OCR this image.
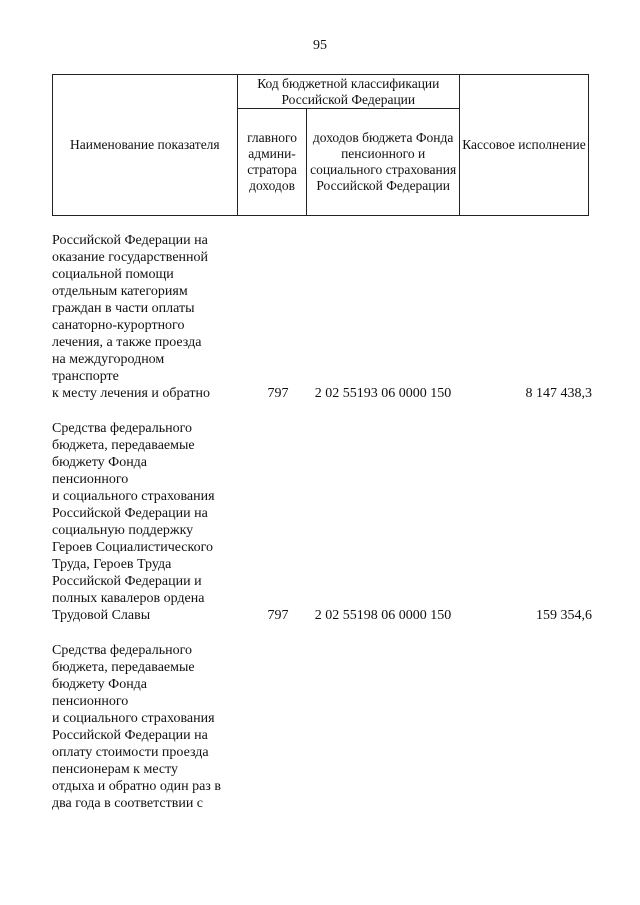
95
Наименование показателя	Код бюджетной классификации Российской Федерации		Кассовое исполнение
	главного админи-стратора доходов	доходов бюджета Фонда пенсионного и социального страхования Российской Федерации	
Российской Федерации на
оказание государственной
социальной помощи
отдельным категориям
граждан в части оплаты
санаторно-курортного
лечения, а также проезда
на междугородном
транспорте
к месту лечения и обратно	797	2 02 55193 06 0000 150	8 147 438,3
Средства федерального
бюджета, передаваемые
бюджету Фонда
пенсионного
и социального страхования
Российской Федерации на
социальную поддержку
Героев Социалистического
Труда, Героев Труда
Российской Федерации и
полных кавалеров ордена
Трудовой Славы	797	2 02 55198 06 0000 150	159 354,6
Средства федерального
бюджета, передаваемые
бюджету Фонда
пенсионного
и социального страхования
Российской Федерации на
оплату стоимости проезда
пенсионерам к месту
отдыха и обратно один раз в
два года в соответствии с
